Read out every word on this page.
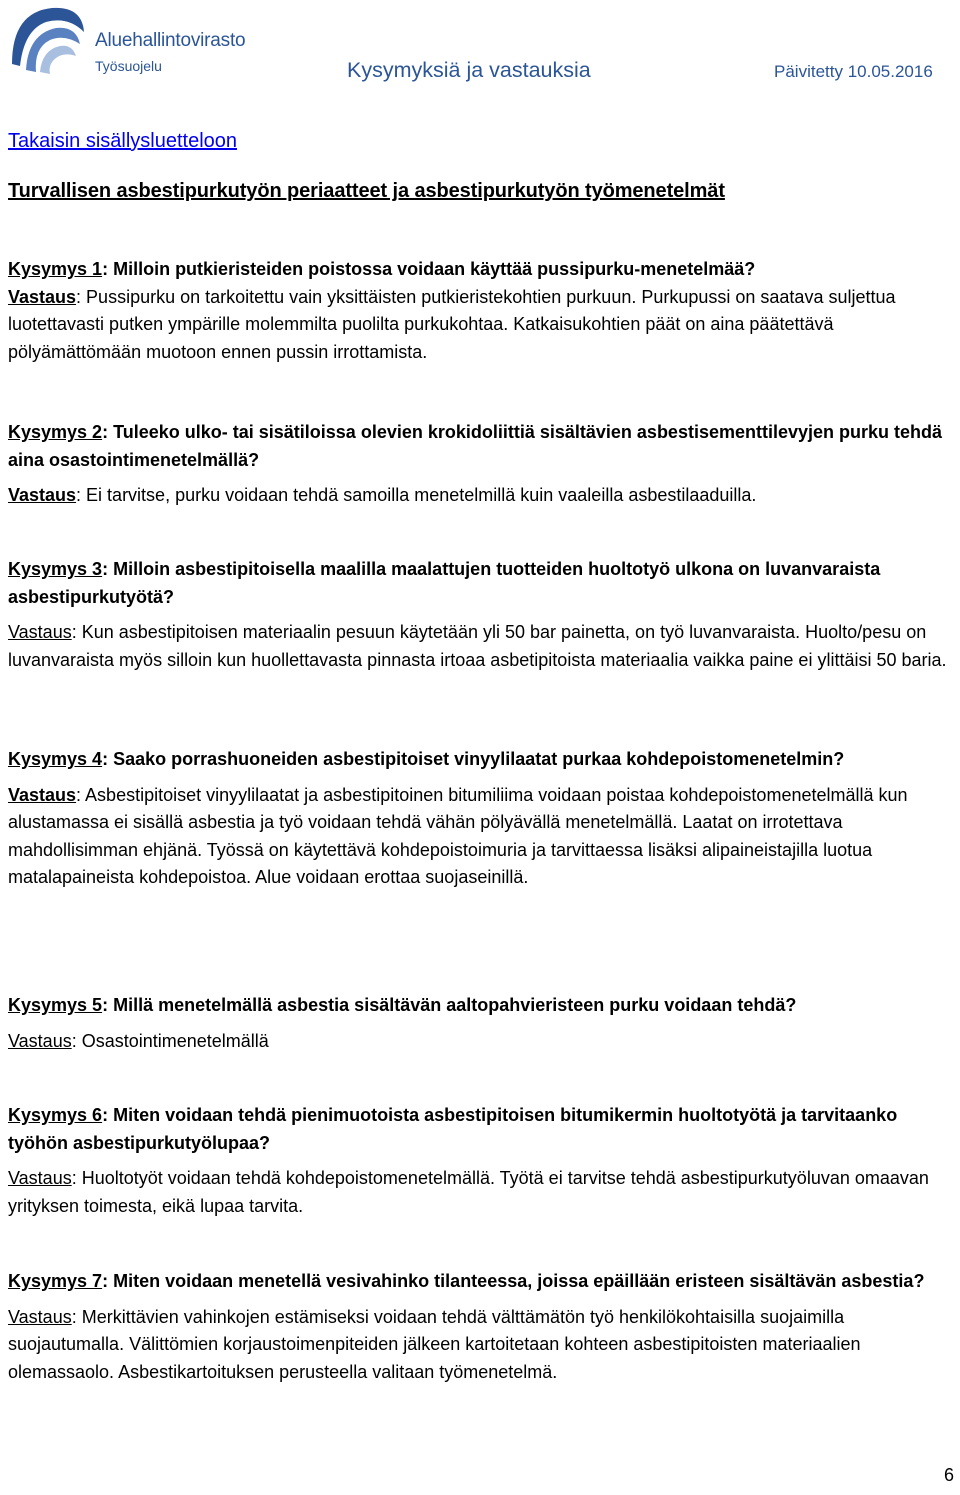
Aluehallintovirasto
Työsuojelu	Kysymyksiä ja vastauksia	Päivitetty 10.05.2016
Takaisin sisällysluetteloon
Turvallisen asbestipurkutyön periaatteet ja asbestipurkutyön työmenetelmät
Kysymys 1: Milloin putkieristeiden poistossa voidaan käyttää pussipurku-menetelmää?
Vastaus: Pussipurku on tarkoitettu vain yksittäisten putkieristekohtien purkuun. Purkupussi on saatava suljettua luotettavasti putken ympärille molemmilta puolilta purkukohtaa. Katkaisukohtien päät on aina päätettävä pölyämättömään muotoon ennen pussin irrottamista.
Kysymys 2: Tuleeko ulko- tai sisätiloissa olevien krokidoliittiä sisältävien asbestisementtilevyjen purku tehdä aina osastointimenetelmällä?
Vastaus: Ei tarvitse, purku voidaan tehdä samoilla menetelmillä kuin vaaleilla asbestilaaduilla.
Kysymys 3: Milloin asbestipitoisella maalilla maalattujen tuotteiden huoltotyö ulkona on luvanvaraista asbestipurkutyötä?
Vastaus: Kun asbestipitoisen materiaalin pesuun käytetään yli 50 bar painetta, on työ luvanvaraista. Huolto/pesu on luvanvaraista myös silloin kun huollettavasta pinnasta irtoaa asbetipitoista materiaalia vaikka paine ei ylittäisi 50 baria.
Kysymys 4: Saako porrashuoneiden asbestipitoiset vinyylilaatat purkaa kohdepoistomenetelmin?
Vastaus: Asbestipitoiset vinyylilaatat ja asbestipitoinen bitumiliima voidaan poistaa kohdepoistomenetelmällä kun alustamassa ei sisällä asbestia ja työ voidaan tehdä vähän pölyävällä menetelmällä. Laatat on irrotettava mahdollisimman ehjänä. Työssä on käytettävä kohdepoistoimuria ja tarvittaessa lisäksi alipaineistajilla luotua matalapaineista kohdepoistoa. Alue voidaan erottaa suojaseinillä.
Kysymys 5: Millä menetelmällä asbestia sisältävän aaltopahvieristeen purku voidaan tehdä?
Vastaus: Osastointimenetelmällä
Kysymys 6: Miten voidaan tehdä pienimuotoista asbestipitoisen bitumikermin huoltotyötä ja tarvitaanko työhön asbestipurkutyölupaa?
Vastaus: Huoltotyöt voidaan tehdä kohdepoistomenetelmällä. Työtä ei tarvitse tehdä asbestipurkutyöluvan omaavan yrityksen toimesta, eikä lupaa tarvita.
Kysymys 7: Miten voidaan menetellä vesivahinko tilanteessa, joissa epäillään eristeen sisältävän asbestia?
Vastaus: Merkittävien vahinkojen estämiseksi voidaan tehdä välttämätön työ henkilökohtaisilla suojaimilla suojautumalla. Välittömien korjaustoimenpiteiden jälkeen kartoitetaan kohteen asbestipitoisten materiaalien olemassaolo. Asbestikartoituksen perusteella valitaan työmenetelmä.
6
